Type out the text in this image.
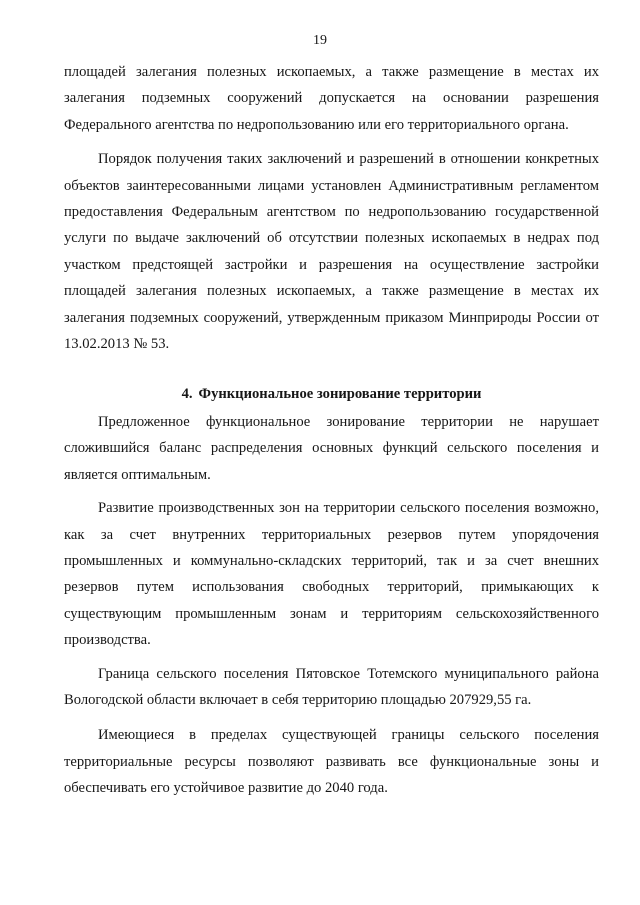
19

площадей залегания полезных ископаемых, а также размещение в местах их залегания подземных сооружений допускается на основании разрешения Федерального агентства по недропользованию или его территориального органа.

Порядок получения таких заключений и разрешений в отношении конкретных объектов заинтересованными лицами установлен Административным регламентом предоставления Федеральным агентством по недропользованию государственной услуги по выдаче заключений об отсутствии полезных ископаемых в недрах под участком предстоящей застройки и разрешения на осуществление застройки площадей залегания полезных ископаемых, а также размещение в местах их залегания подземных сооружений, утвержденным приказом Минприроды России от 13.02.2013 № 53.

4. Функциональное зонирование территории

Предложенное функциональное зонирование территории не нарушает сложившийся баланс распределения основных функций сельского поселения и является оптимальным.

Развитие производственных зон на территории сельского поселения возможно, как за счет внутренних территориальных резервов путем упорядочения промышленных и коммунально-складских территорий, так и за счет внешних резервов путем использования свободных территорий, примыкающих к существующим промышленным зонам и территориям сельскохозяйственного производства.

Граница сельского поселения Пятовское Тотемского муниципального района Вологодской области включает в себя территорию площадью 207929,55 га.

Имеющиеся в пределах существующей границы сельского поселения территориальные ресурсы позволяют развивать все функциональные зоны и обеспечивать его устойчивое развитие до 2040 года.
